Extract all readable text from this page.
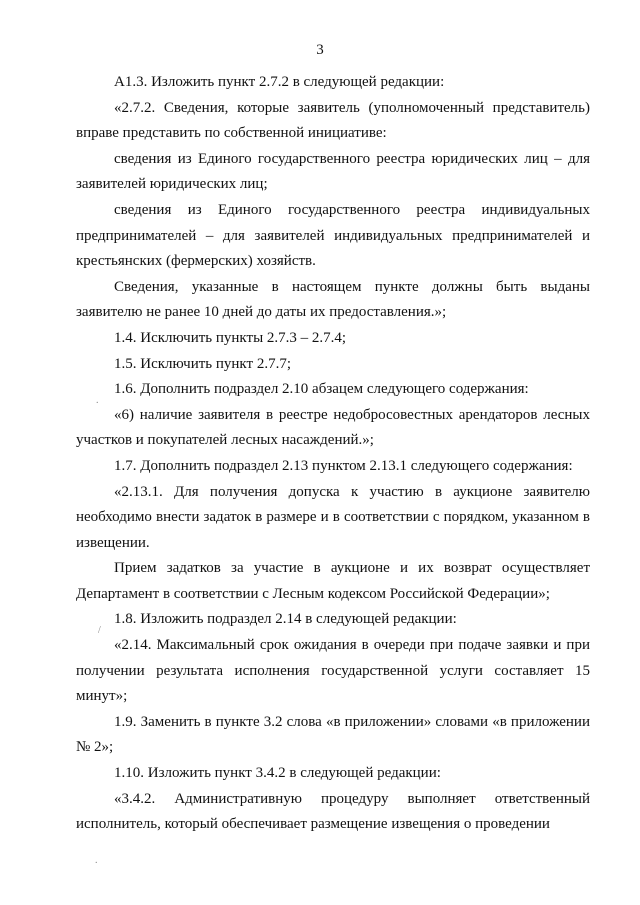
3

А1.3. Изложить пункт 2.7.2 в следующей редакции:

«2.7.2. Сведения, которые заявитель (уполномоченный представитель) вправе представить по собственной инициативе:

сведения из Единого государственного реестра юридических лиц – для заявителей юридических лиц;

сведения из Единого государственного реестра индивидуальных предпринимателей – для заявителей индивидуальных предпринимателей и крестьянских (фермерских) хозяйств.

Сведения, указанные в настоящем пункте должны быть выданы заявителю не ранее 10 дней до даты их предоставления.»;

1.4. Исключить пункты 2.7.3 – 2.7.4;

1.5. Исключить пункт 2.7.7;

1.6. Дополнить подраздел 2.10 абзацем следующего содержания:

«6) наличие заявителя в реестре недобросовестных арендаторов лесных участков и покупателей лесных насаждений.»;

1.7. Дополнить подраздел 2.13 пунктом 2.13.1 следующего содержания:

«2.13.1. Для получения допуска к участию в аукционе заявителю необходимо внести задаток в размере и в соответствии с порядком, указанном в извещении.

Прием задатков за участие в аукционе и их возврат осуществляет Департамент в соответствии с Лесным кодексом Российской Федерации»;

1.8. Изложить подраздел 2.14 в следующей редакции:

«2.14. Максимальный срок ожидания в очереди при подаче заявки и при получении результата исполнения государственной услуги составляет 15 минут»;

1.9. Заменить в пункте 3.2 слова «в приложении» словами «в приложении № 2»;

1.10. Изложить пункт 3.4.2 в следующей редакции:

«3.4.2. Административную процедуру выполняет ответственный исполнитель, который обеспечивает размещение извещения о проведении

.
/
.
